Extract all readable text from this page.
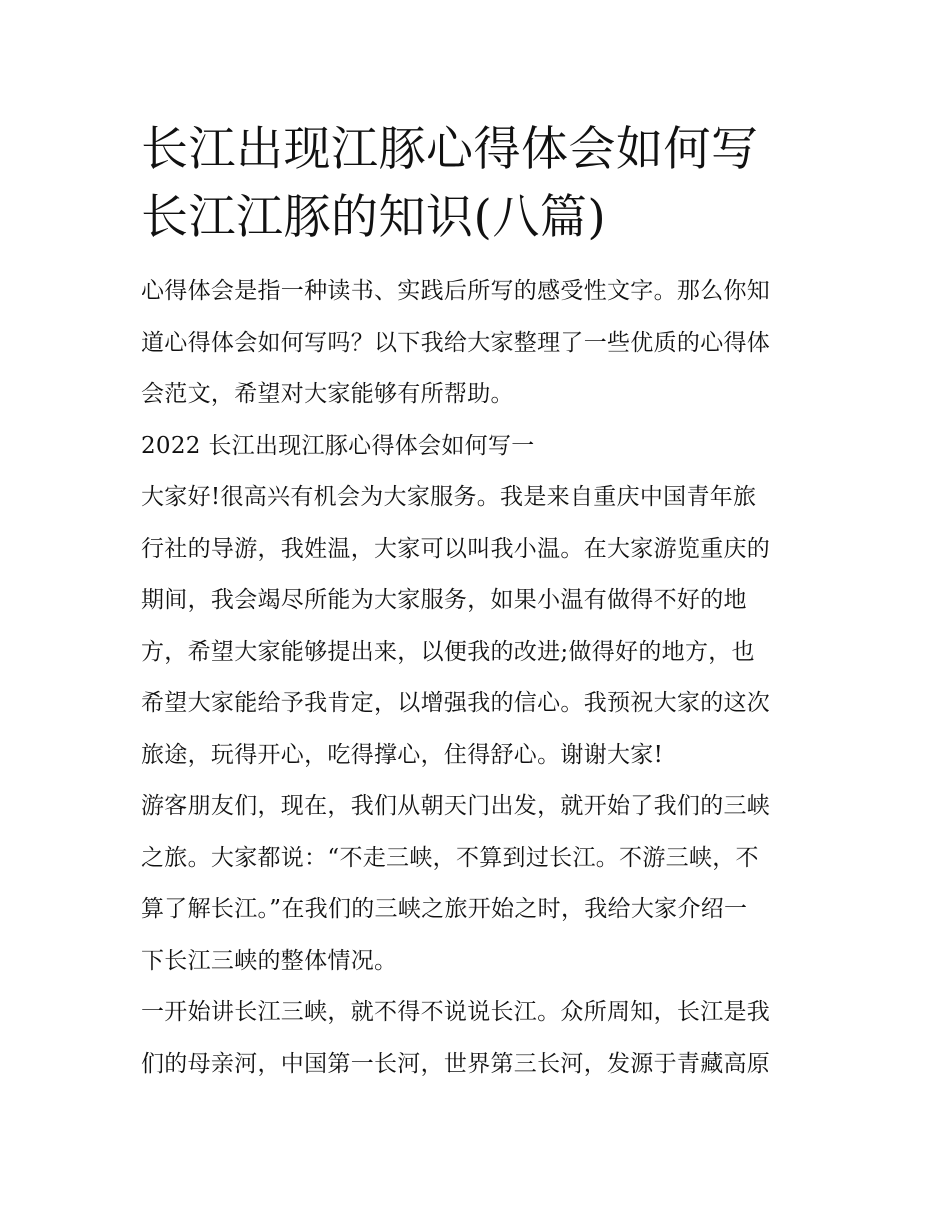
长江出现江豚心得体会如何写
长江江豚的知识(八篇)

心得体会是指一种读书、实践后所写的感受性文字。那么你知
道心得体会如何写吗？以下我给大家整理了一些优质的心得体
会范文，希望对大家能够有所帮助。

2022 长江出现江豚心得体会如何写一

大家好!很高兴有机会为大家服务。我是来自重庆中国青年旅
行社的导游，我姓温，大家可以叫我小温。在大家游览重庆的
期间，我会竭尽所能为大家服务，如果小温有做得不好的地
方，希望大家能够提出来，以便我的改进;做得好的地方，也
希望大家能给予我肯定，以增强我的信心。我预祝大家的这次
旅途，玩得开心，吃得撑心，住得舒心。谢谢大家!

游客朋友们，现在，我们从朝天门出发，就开始了我们的三峡
之旅。大家都说：“不走三峡，不算到过长江。不游三峡，不
算了解长江。”在我们的三峡之旅开始之时，我给大家介绍一
下长江三峡的整体情况。

一开始讲长江三峡，就不得不说说长江。众所周知，长江是我
们的母亲河，中国第一长河，世界第三长河，发源于青藏高原
